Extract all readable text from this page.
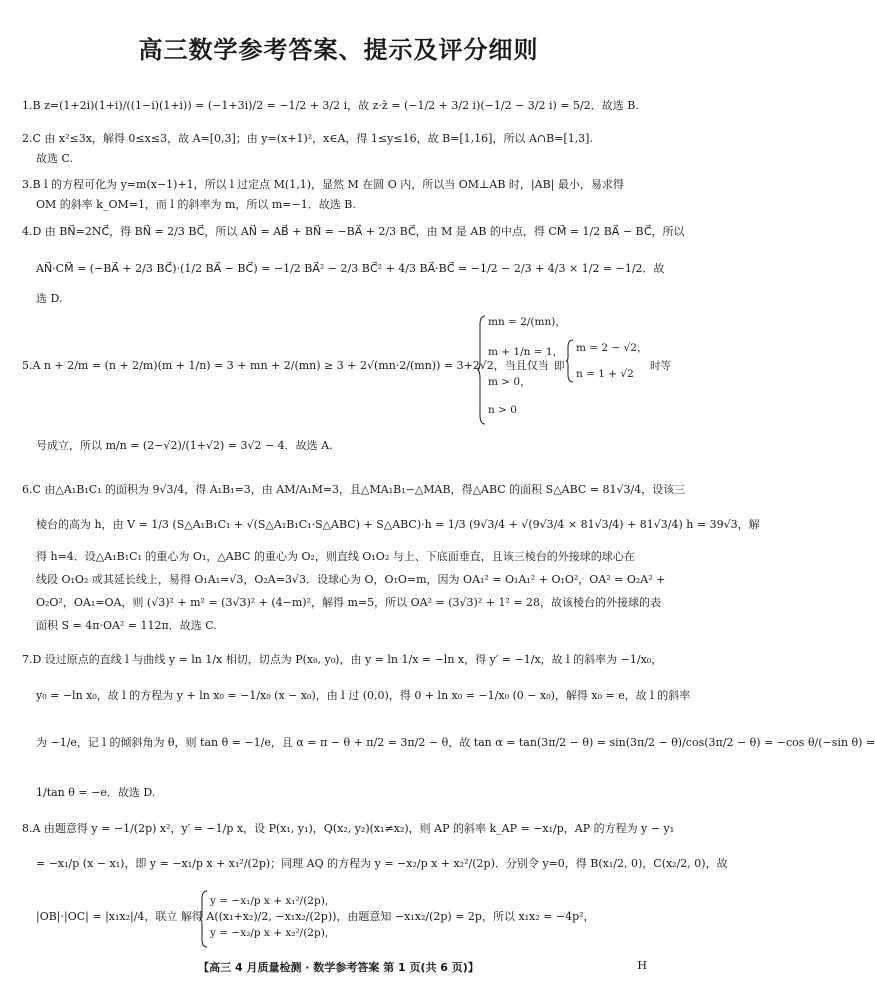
高三数学参考答案、提示及评分细则
1.B z=(1+2i)(1+i)/((1−i)(1+i)) = (−1+3i)/2 = −1/2 + 3/2 i，故 z·z̄ = (−1/2 + 3/2 i)(−1/2 − 3/2 i) = 5/2．故选 B.
2.C 由 x²≤3x，解得 0≤x≤3，故 A=[0,3]；由 y=(x+1)²，x∈A，得 1≤y≤16，故 B=[1,16]，所以 A∩B=[1,3].
故选 C.
3.B l 的方程可化为 y=m(x−1)+1，所以 l 过定点 M(1,1)，显然 M 在圆 O 内，所以当 OM⊥AB 时，|AB| 最小，易求得
OM 的斜率 k_OM=1，而 l 的斜率为 m，所以 m=−1．故选 B.
4.D 由 BN⃗=2NC⃗，得 BN⃗ = 2/3 BC⃗，所以 AN⃗ = AB⃗ + BN⃗ = −BA⃗ + 2/3 BC⃗，由 M 是 AB 的中点，得 CM⃗ = 1/2 BA⃗ − BC⃗，所以
AN⃗·CM⃗ = (−BA⃗ + 2/3 BC⃗)·(1/2 BA⃗ − BC⃗) = −1/2 BA⃗² − 2/3 BC⃗² + 4/3 BA⃗·BC⃗ = −1/2 − 2/3 + 4/3 × 1/2 = −1/2．故
选 D.
5.A n + 2/m = (n + 2/m)(m + 1/n) = 3 + mn + 2/(mn) ≥ 3 + 2√(mn·2/(mn)) = 3+2√2，当且仅当
号成立，所以 m/n = (2−√2)/(1+√2) = 3√2 − 4．故选 A.
6.C 由△A₁B₁C₁ 的面积为 9√3/4，得 A₁B₁=3，由 AM/A₁M=3，且△MA₁B₁∽△MAB，得△ABC 的面积 S△ABC = 81√3/4，设该三
棱台的高为 h，由 V = 1/3 (S△A₁B₁C₁ + √(S△A₁B₁C₁·S△ABC) + S△ABC)·h = 1/3 (9√3/4 + √(9√3/4 × 81√3/4) + 81√3/4) h = 39√3，解
得 h=4．设△A₁B₁C₁ 的重心为 O₁，△ABC 的重心为 O₂，则直线 O₁O₂ 与上、下底面垂直，且该三棱台的外接球的球心在
线段 O₁O₂ 或其延长线上，易得 O₁A₁=√3，O₂A=3√3．设球心为 O，O₁O=m，因为 OA₁² = O₁A₁² + O₁O²，OA² = O₂A² +
O₂O²，OA₁=OA，则 (√3)² + m² = (3√3)² + (4−m)²，解得 m=5，所以 OA² = (3√3)² + 1² = 28，故该棱台的外接球的表
面积 S = 4π·OA² = 112π．故选 C.
7.D 设过原点的直线 l 与曲线 y = ln 1/x 相切，切点为 P(x₀, y₀)，由 y = ln 1/x = −ln x，得 y′ = −1/x，故 l 的斜率为 −1/x₀，
y₀ = −ln x₀，故 l 的方程为 y + ln x₀ = −1/x₀ (x − x₀)，由 l 过 (0,0)，得 0 + ln x₀ = −1/x₀ (0 − x₀)，解得 x₀ = e，故 l 的斜率
为 −1/e，记 l 的倾斜角为 θ，则 tan θ = −1/e，且 α = π − θ + π/2 = 3π/2 − θ，故 tan α = tan(3π/2 − θ) = sin(3π/2 − θ)/cos(3π/2 − θ) = −cos θ/(−sin θ) =
1/tan θ = −e．故选 D.
8.A 由题意得 y = −1/(2p) x²，y′ = −1/p x，设 P(x₁, y₁)，Q(x₂, y₂)(x₁≠x₂)，则 AP 的斜率 k_AP = −x₁/p，AP 的方程为 y − y₁
= −x₁/p (x − x₁)，即 y = −x₁/p x + x₁²/(2p)；同理 AQ 的方程为 y = −x₂/p x + x₂²/(2p)．分别令 y=0，得 B(x₁/2, 0)，C(x₂/2, 0)，故
|OB|·|OC| = |x₁x₂|/4，联立 解得 A((x₁+x₂)/2, −x₁x₂/(2p))，由题意知 −x₁x₂/(2p) = 2p，所以 x₁x₂ = −4p²，
mn = 2/(mn)，
m + 1/n = 1，
m > 0，
n > 0
即
m = 2 − √2，
n = 1 + √2
时等
y = −x₁/p x + x₁²/(2p)，
y = −x₂/p x + x₂²/(2p)，
【高三 4 月质量检测 · 数学参考答案 第 1 页(共 6 页)】	H
